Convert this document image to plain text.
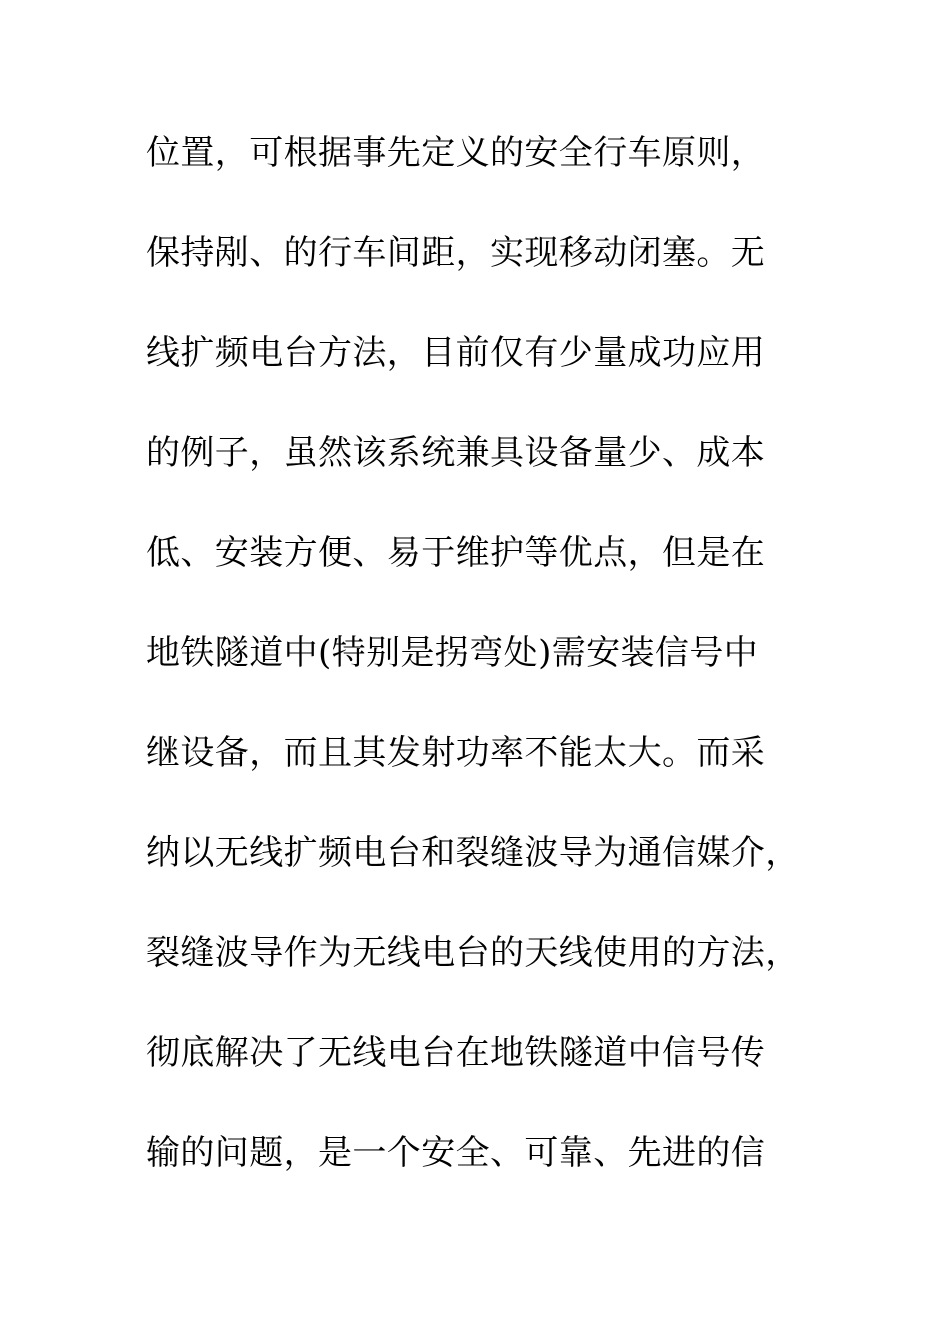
位置，可根据事先定义的安全行车原则，
保持剐、的行车间距，实现移动闭塞。无
线扩频电台方法，目前仅有少量成功应用
的例子，虽然该系统兼具设备量少、成本
低、安装方便、易于维护等优点，但是在
地铁隧道中(特别是拐弯处)需安装信号中
继设备，而且其发射功率不能太大。而采
纳以无线扩频电台和裂缝波导为通信媒介，
裂缝波导作为无线电台的天线使用的方法，
彻底解决了无线电台在地铁隧道中信号传
输的问题，是一个安全、可靠、先进的信
